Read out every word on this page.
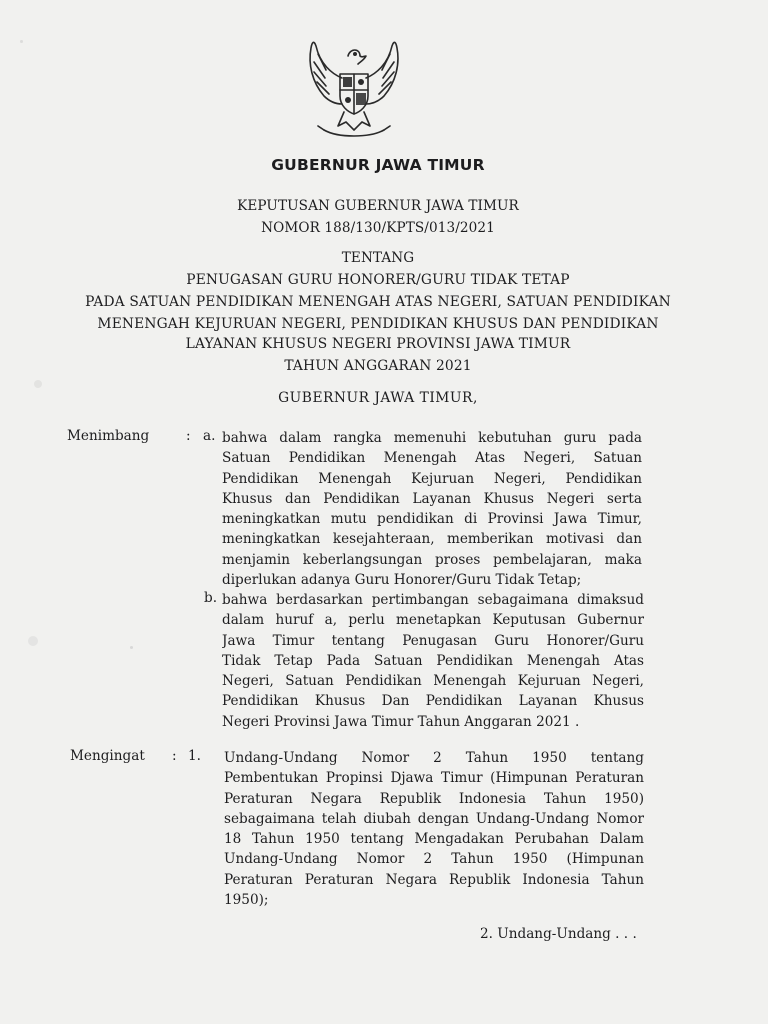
GUBERNUR JAWA TIMUR
KEPUTUSAN GUBERNUR JAWA TIMUR
NOMOR 188/130/KPTS/013/2021
TENTANG
PENUGASAN GURU HONORER/GURU TIDAK TETAP
PADA SATUAN PENDIDIKAN MENENGAH ATAS NEGERI, SATUAN PENDIDIKAN
MENENGAH KEJURUAN NEGERI, PENDIDIKAN KHUSUS DAN PENDIDIKAN
LAYANAN KHUSUS NEGERI PROVINSI JAWA TIMUR
TAHUN ANGGARAN 2021
GUBERNUR JAWA TIMUR,
Menimbang	: a. bahwa dalam rangka memenuhi kebutuhan guru pada
Satuan Pendidikan Menengah Atas Negeri, Satuan
Pendidikan Menengah Kejuruan Negeri, Pendidikan
Khusus dan Pendidikan Layanan Khusus Negeri serta
meningkatkan mutu pendidikan di Provinsi Jawa Timur,
meningkatkan kesejahteraan, memberikan motivasi dan
menjamin keberlangsungan proses pembelajaran, maka
diperlukan adanya Guru Honorer/Guru Tidak Tetap;
b. bahwa berdasarkan pertimbangan sebagaimana dimaksud
dalam huruf a, perlu menetapkan Keputusan Gubernur
Jawa Timur tentang Penugasan Guru Honorer/Guru
Tidak Tetap Pada Satuan Pendidikan Menengah Atas
Negeri, Satuan Pendidikan Menengah Kejuruan Negeri,
Pendidikan Khusus Dan Pendidikan Layanan Khusus
Negeri Provinsi Jawa Timur Tahun Anggaran 2021 .
Mengingat : 1. Undang-Undang Nomor 2 Tahun 1950 tentang
Pembentukan Propinsi Djawa Timur (Himpunan Peraturan
Peraturan Negara Republik Indonesia Tahun 1950)
sebagaimana telah diubah dengan Undang-Undang Nomor
18 Tahun 1950 tentang Mengadakan Perubahan Dalam
Undang-Undang Nomor 2 Tahun 1950 (Himpunan
Peraturan Peraturan Negara Republik Indonesia Tahun
1950);
2. Undang-Undang . . .
